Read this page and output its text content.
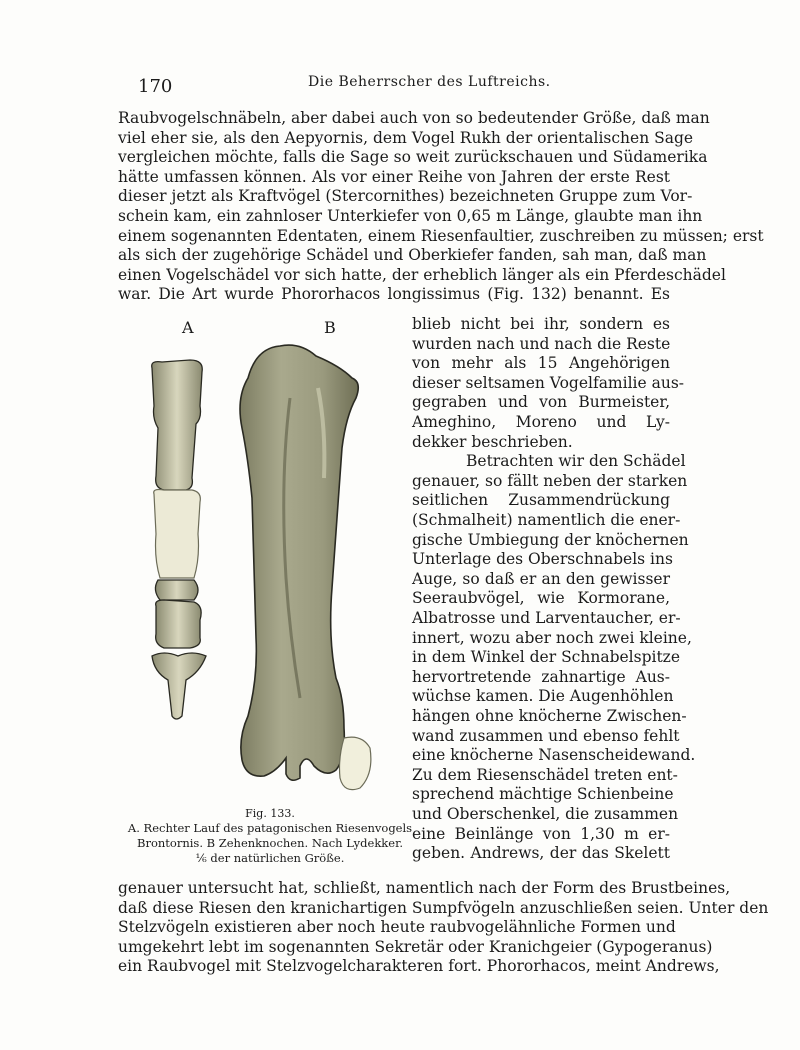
170	Die Beherrscher des Luftreichs.
Raubvogelschnäbeln, aber dabei auch von so bedeutender Größe, daß man
viel eher sie, als den Aepyornis, dem Vogel Rukh der orientalischen Sage
vergleichen möchte, falls die Sage so weit zurückschauen und Südamerika
hätte umfassen können. Als vor einer Reihe von Jahren der erste Rest
dieser jetzt als Kraftvögel (Stercornithes) bezeichneten Gruppe zum Vor-
schein kam, ein zahnloser Unterkiefer von 0,65 m Länge, glaubte man ihn
einem sogenannten Edentaten, einem Riesenfaultier, zuschreiben zu müssen; erst
als sich der zugehörige Schädel und Oberkiefer fanden, sah man, daß man
einen Vogelschädel vor sich hatte, der erheblich länger als ein Pferdeschädel
war. Die Art wurde Phororhacos longissimus (Fig. 132) benannt. Es
blieb nicht bei ihr, sondern es
wurden nach und nach die Reste
von mehr als 15 Angehörigen
dieser seltsamen Vogelfamilie aus-
gegraben und von Burmeister,
Ameghino, Moreno und Ly-
dekker beschrieben.
Betrachten wir den Schädel
genauer, so fällt neben der starken
seitlichen Zusammendrückung
(Schmalheit) namentlich die ener-
gische Umbiegung der knöchernen
Unterlage des Oberschnabels ins
Auge, so daß er an den gewisser
Seeraubvögel, wie Kormorane,
Albatrosse und Larventaucher, er-
innert, wozu aber noch zwei kleine,
in dem Winkel der Schnabelspitze
hervortretende zahnartige Aus-
wüchse kamen. Die Augenhöhlen
hängen ohne knöcherne Zwischen-
wand zusammen und ebenso fehlt
eine knöcherne Nasenscheidewand.
Zu dem Riesenschädel treten ent-
sprechend mächtige Schienbeine
und Oberschenkel, die zusammen
eine Beinlänge von 1,30 m er-
geben. Andrews, der das Skelett
genauer untersucht hat, schließt, namentlich nach der Form des Brustbeines,
daß diese Riesen den kranichartigen Sumpfvögeln anzuschließen seien. Unter den
Stelzvögeln existieren aber noch heute raubvogelähnliche Formen und
umgekehrt lebt im sogenannten Sekretär oder Kranichgeier (Gypogeranus)
ein Raubvogel mit Stelzvogelcharakteren fort. Phororhacos, meint Andrews,
A	B
Fig. 133.
A. Rechter Lauf des patagonischen Riesenvogels
Brontornis. B Zehenknochen. Nach Lydekker.
⅙ der natürlichen Größe.
